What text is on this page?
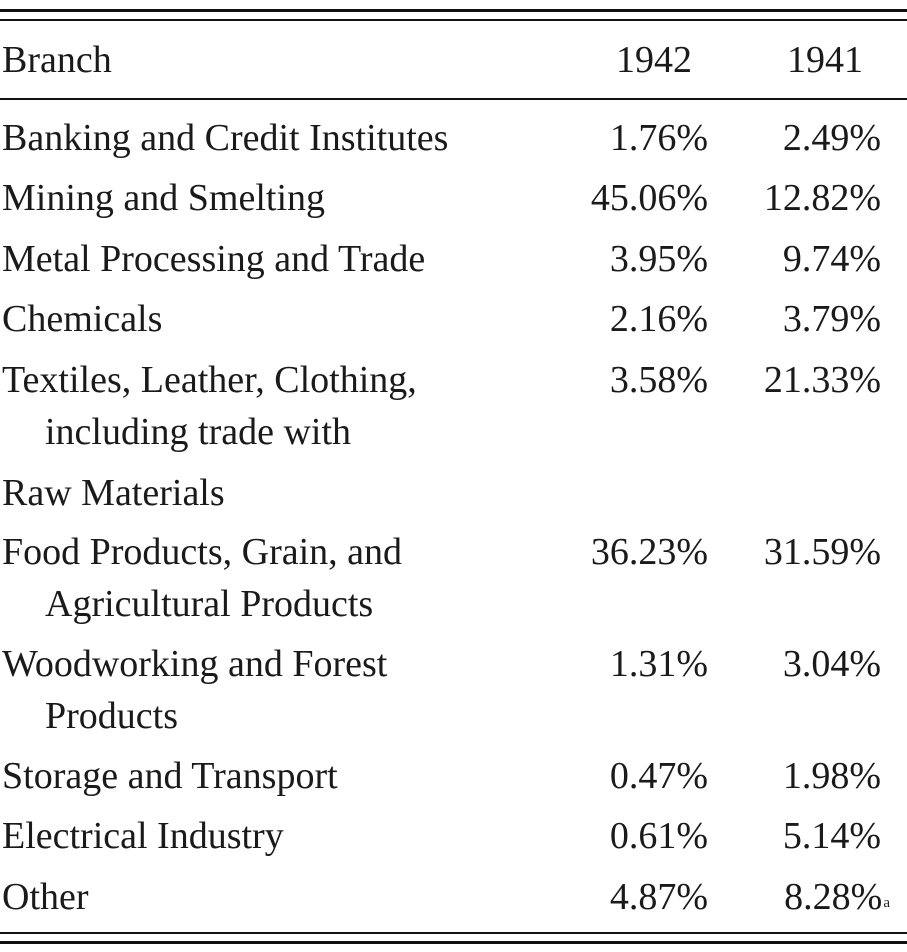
Branch	1942	1941
Banking and Credit Institutes	1.76% 2.49%
Mining and Smelting	45.06% 12.82%
Metal Processing and Trade	3.95% 9.74%
Chemicals	2.16% 3.79%
Textiles, Leather, Clothing,	3.58% 21.33%
including trade with
Raw Materials
Food Products, Grain, and	36.23% 31.59%
Agricultural Products
Woodworking and Forest	1.31% 3.04%
Products
Storage and Transport	0.47% 1.98%
Electrical Industry	0.61% 5.14%
Other	4.87% 8.28%$^a$
